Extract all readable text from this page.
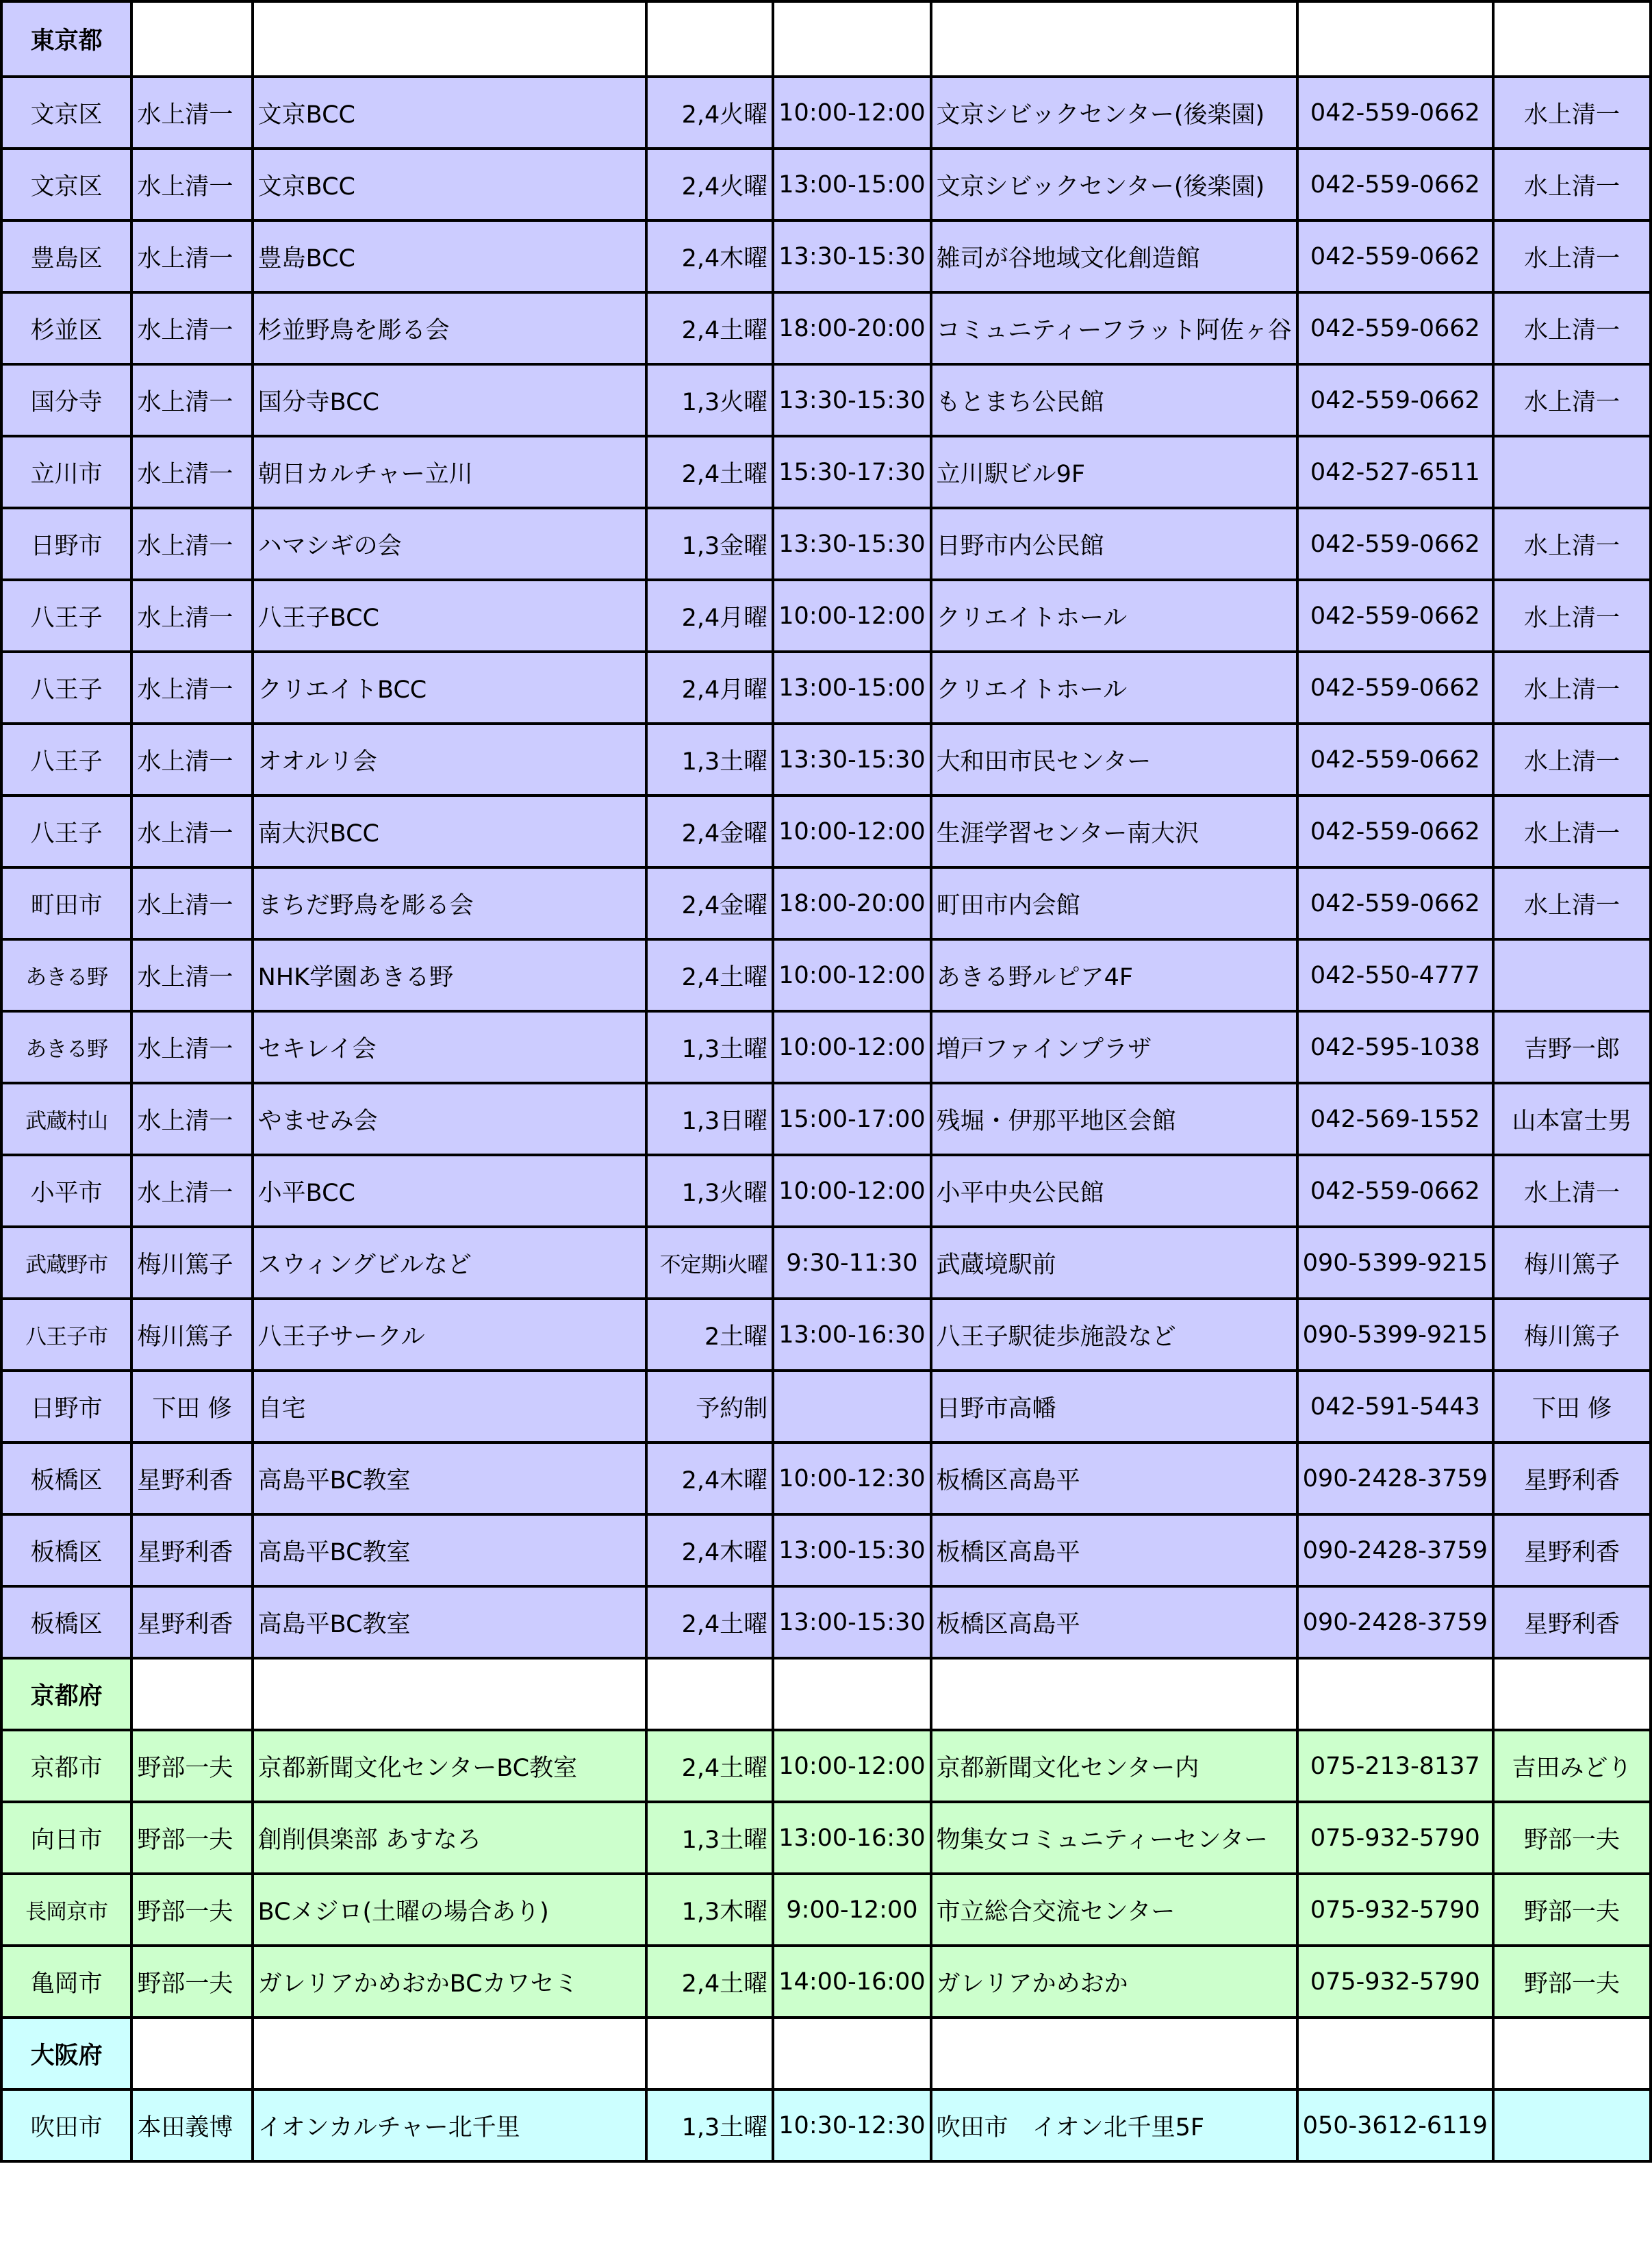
東京都							
文京区	水上清一	文京BCC	2,4火曜	10:00-12:00	文京シビックセンター(後楽園)	042-559-0662	水上清一
文京区	水上清一	文京BCC	2,4火曜	13:00-15:00	文京シビックセンター(後楽園)	042-559-0662	水上清一
豊島区	水上清一	豊島BCC	2,4木曜	13:30-15:30	雑司が谷地域文化創造館	042-559-0662	水上清一
杉並区	水上清一	杉並野鳥を彫る会	2,4土曜	18:00-20:00	コミュニティーフラット阿佐ヶ谷	042-559-0662	水上清一
国分寺	水上清一	国分寺BCC	1,3火曜	13:30-15:30	もとまち公民館	042-559-0662	水上清一
立川市	水上清一	朝日カルチャー立川	2,4土曜	15:30-17:30	立川駅ビル9F	042-527-6511	
日野市	水上清一	ハマシギの会	1,3金曜	13:30-15:30	日野市内公民館	042-559-0662	水上清一
八王子	水上清一	八王子BCC	2,4月曜	10:00-12:00	クリエイトホール	042-559-0662	水上清一
八王子	水上清一	クリエイトBCC	2,4月曜	13:00-15:00	クリエイトホール	042-559-0662	水上清一
八王子	水上清一	オオルリ会	1,3土曜	13:30-15:30	大和田市民センター	042-559-0662	水上清一
八王子	水上清一	南大沢BCC	2,4金曜	10:00-12:00	生涯学習センター南大沢	042-559-0662	水上清一
町田市	水上清一	まちだ野鳥を彫る会	2,4金曜	18:00-20:00	町田市内会館	042-559-0662	水上清一
あきる野	水上清一	NHK学園あきる野	2,4土曜	10:00-12:00	あきる野ルピア4F	042-550-4777	
あきる野	水上清一	セキレイ会	1,3土曜	10:00-12:00	増戸ファインプラザ	042-595-1038	吉野一郎
武蔵村山	水上清一	やませみ会	1,3日曜	15:00-17:00	残堀・伊那平地区会館	042-569-1552	山本富士男
小平市	水上清一	小平BCC	1,3火曜	10:00-12:00	小平中央公民館	042-559-0662	水上清一
武蔵野市	梅川篤子	スウィングビルなど	不定期i火曜	9:30-11:30	武蔵境駅前	090-5399-9215	梅川篤子
八王子市	梅川篤子	八王子サークル	2土曜	13:00-16:30	八王子駅徒歩施設など	090-5399-9215	梅川篤子
日野市	下田 修	自宅	予約制		日野市高幡	042-591-5443	下田 修
板橋区	星野利香	高島平BC教室	2,4木曜	10:00-12:30	板橋区高島平	090-2428-3759	星野利香
板橋区	星野利香	高島平BC教室	2,4木曜	13:00-15:30	板橋区高島平	090-2428-3759	星野利香
板橋区	星野利香	高島平BC教室	2,4土曜	13:00-15:30	板橋区高島平	090-2428-3759	星野利香
京都府							
京都市	野部一夫	京都新聞文化センターBC教室	2,4土曜	10:00-12:00	京都新聞文化センター内	075-213-8137	吉田みどり
向日市	野部一夫	創削倶楽部 あすなろ	1,3土曜	13:00-16:30	物集女コミュニティーセンター	075-932-5790	野部一夫
長岡京市	野部一夫	BCメジロ(土曜の場合あり)	1,3木曜	9:00-12:00	市立総合交流センター	075-932-5790	野部一夫
亀岡市	野部一夫	ガレリアかめおかBCカワセミ	2,4土曜	14:00-16:00	ガレリアかめおか	075-932-5790	野部一夫
大阪府							
吹田市	本田義博	イオンカルチャー北千里	1,3土曜	10:30-12:30	吹田市　イオン北千里5F	050-3612-6119	
